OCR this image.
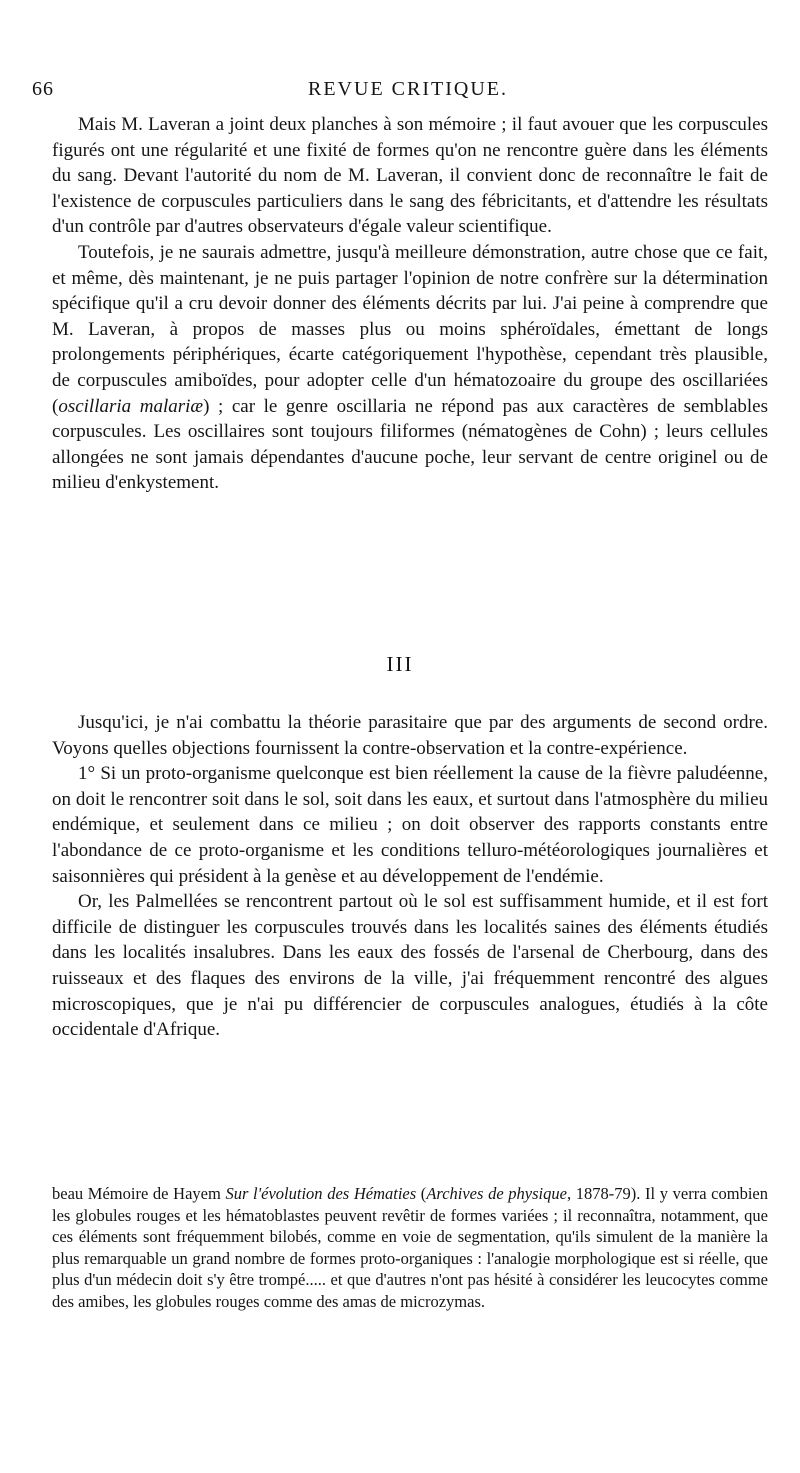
66	REVUE CRITIQUE.

Mais M. Laveran a joint deux planches à son mémoire ; il faut avouer que les corpuscules figurés ont une régularité et une fixité de formes qu'on ne rencontre guère dans les éléments du sang. Devant l'autorité du nom de M. Laveran, il convient donc de reconnaître le fait de l'existence de corpuscules particuliers dans le sang des fébricitants, et d'attendre les résultats d'un contrôle par d'autres observateurs d'égale valeur scientifique.

Toutefois, je ne saurais admettre, jusqu'à meilleure démonstration, autre chose que ce fait, et même, dès maintenant, je ne puis partager l'opinion de notre confrère sur la détermination spécifique qu'il a cru devoir donner des éléments décrits par lui. J'ai peine à comprendre que M. Laveran, à propos de masses plus ou moins sphéroïdales, émettant de longs prolongements périphériques, écarte catégoriquement l'hypothèse, cependant très plausible, de corpuscules amiboïdes, pour adopter celle d'un hématozoaire du groupe des oscillariées (oscillaria malariæ) ; car le genre oscillaria ne répond pas aux caractères de semblables corpuscules. Les oscillaires sont toujours filiformes (nématogènes de Cohn) ; leurs cellules allongées ne sont jamais dépendantes d'aucune poche, leur servant de centre originel ou de milieu d'enkystement.

III

Jusqu'ici, je n'ai combattu la théorie parasitaire que par des arguments de second ordre. Voyons quelles objections fournissent la contre-observation et la contre-expérience.

1° Si un proto-organisme quelconque est bien réellement la cause de la fièvre paludéenne, on doit le rencontrer soit dans le sol, soit dans les eaux, et surtout dans l'atmosphère du milieu endémique, et seulement dans ce milieu ; on doit observer des rapports constants entre l'abondance de ce proto-organisme et les conditions telluro-météorologiques journalières et saisonnières qui président à la genèse et au développement de l'endémie.

Or, les Palmellées se rencontrent partout où le sol est suffisamment humide, et il est fort difficile de distinguer les corpuscules trouvés dans les localités saines des éléments étudiés dans les localités insalubres. Dans les eaux des fossés de l'arsenal de Cherbourg, dans des ruisseaux et des flaques des environs de la ville, j'ai fréquemment rencontré des algues microscopiques, que je n'ai pu différencier de corpuscules analogues, étudiés à la côte occidentale d'Afrique.

beau Mémoire de Hayem Sur l'évolution des Hématies (Archives de physique, 1878-79). Il y verra combien les globules rouges et les hématoblastes peuvent revêtir de formes variées ; il reconnaîtra, notamment, que ces éléments sont fréquemment bilobés, comme en voie de segmentation, qu'ils simulent de la manière la plus remarquable un grand nombre de formes proto-organiques : l'analogie morphologique est si réelle, que plus d'un médecin doit s'y être trompé..... et que d'autres n'ont pas hésité à considérer les leucocytes comme des amibes, les globules rouges comme des amas de microzymas.
